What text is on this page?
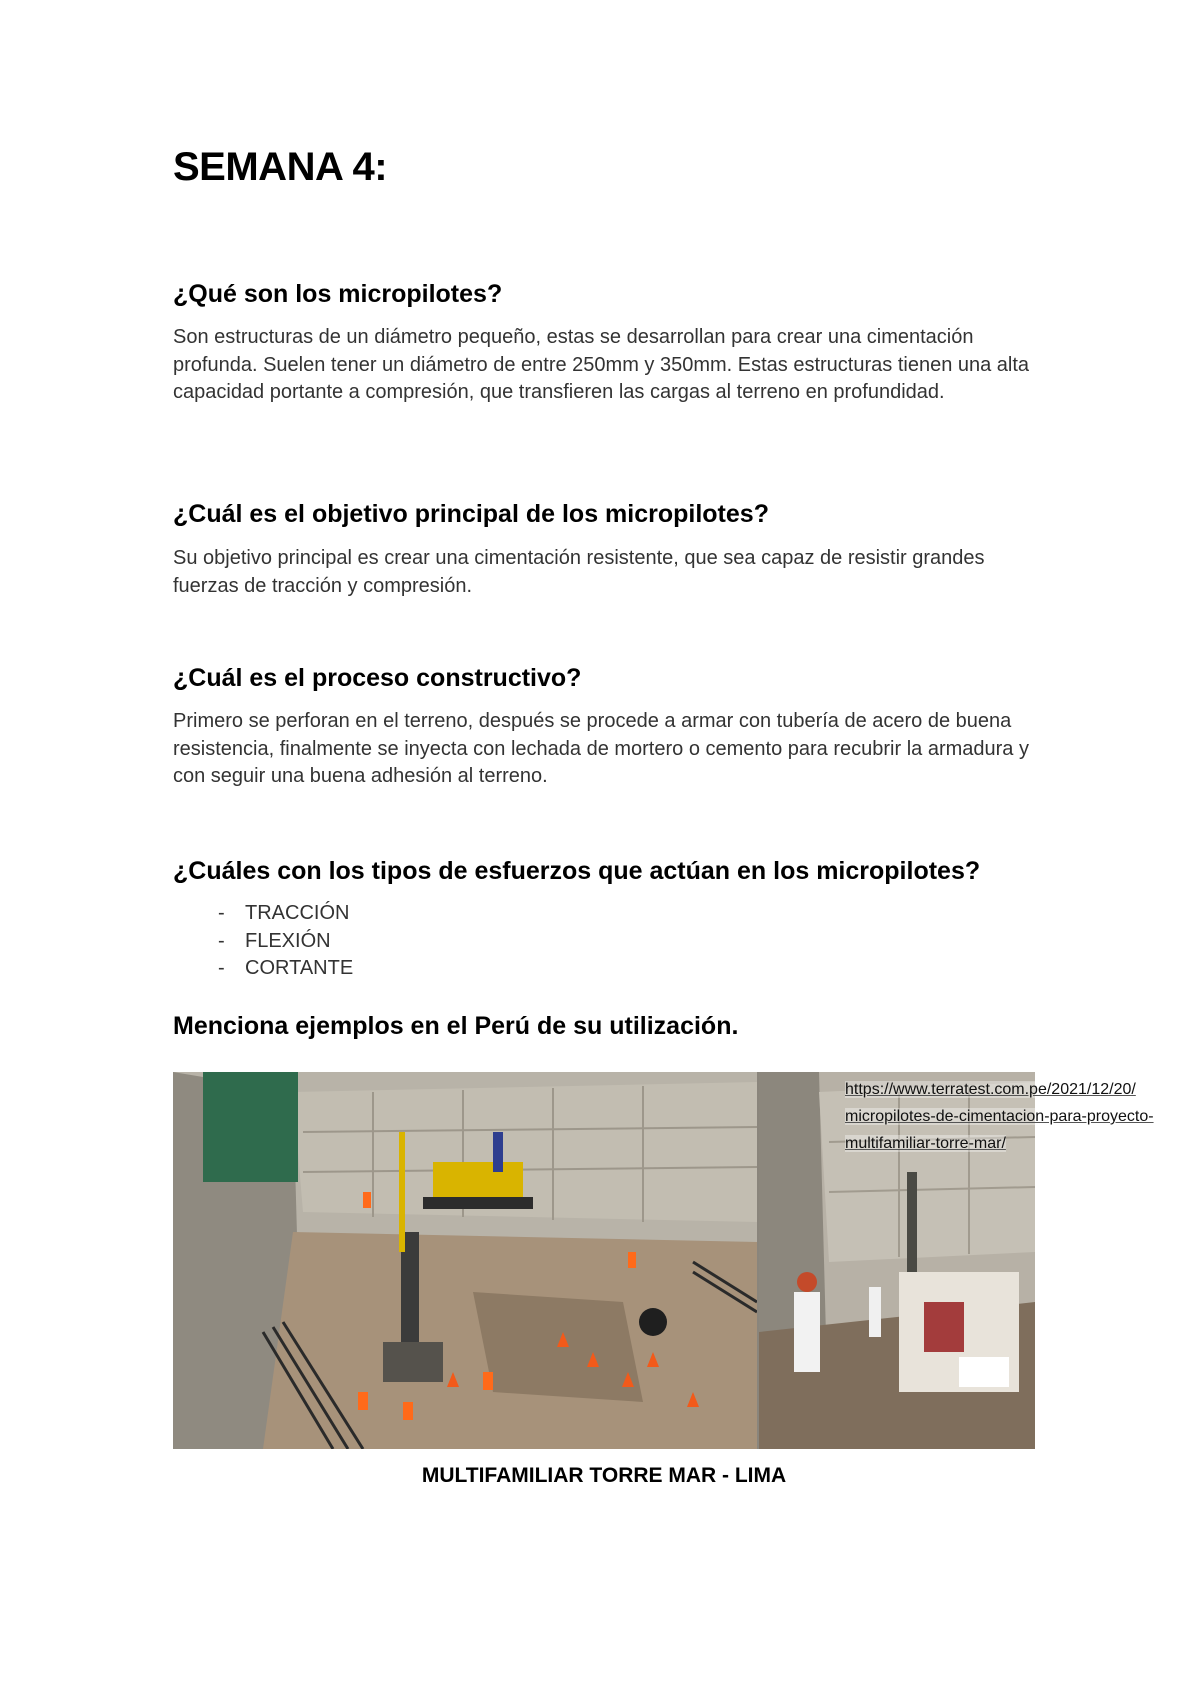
SEMANA 4:
¿Qué son los micropilotes?

Son estructuras de un diámetro pequeño, estas se desarrollan para crear una cimentación profunda. Suelen tener un diámetro de entre 250mm y 350mm. Estas estructuras tienen una alta capacidad portante a compresión, que transfieren las cargas al terreno en profundidad.

¿Cuál es el objetivo principal de los micropilotes?

Su objetivo principal es crear una cimentación resistente, que sea capaz de resistir grandes fuerzas de tracción y compresión.

¿Cuál es el proceso constructivo?

Primero se perforan en el terreno, después se procede a armar con tubería de acero de buena resistencia, finalmente se inyecta con lechada de mortero o cemento para recubrir la armadura y con seguir una buena adhesión al terreno.

¿Cuáles con los tipos de esfuerzos que actúan en los micropilotes?
- TRACCIÓN
- FLEXIÓN
- CORTANTE
Menciona ejemplos en el Perú de su utilización.

https://www.terratest.com.pe/2021/12/20/
micropilotes-de-cimentacion-para-proyecto-
multifamiliar-torre-mar/

MULTIFAMILIAR TORRE MAR - LIMA
